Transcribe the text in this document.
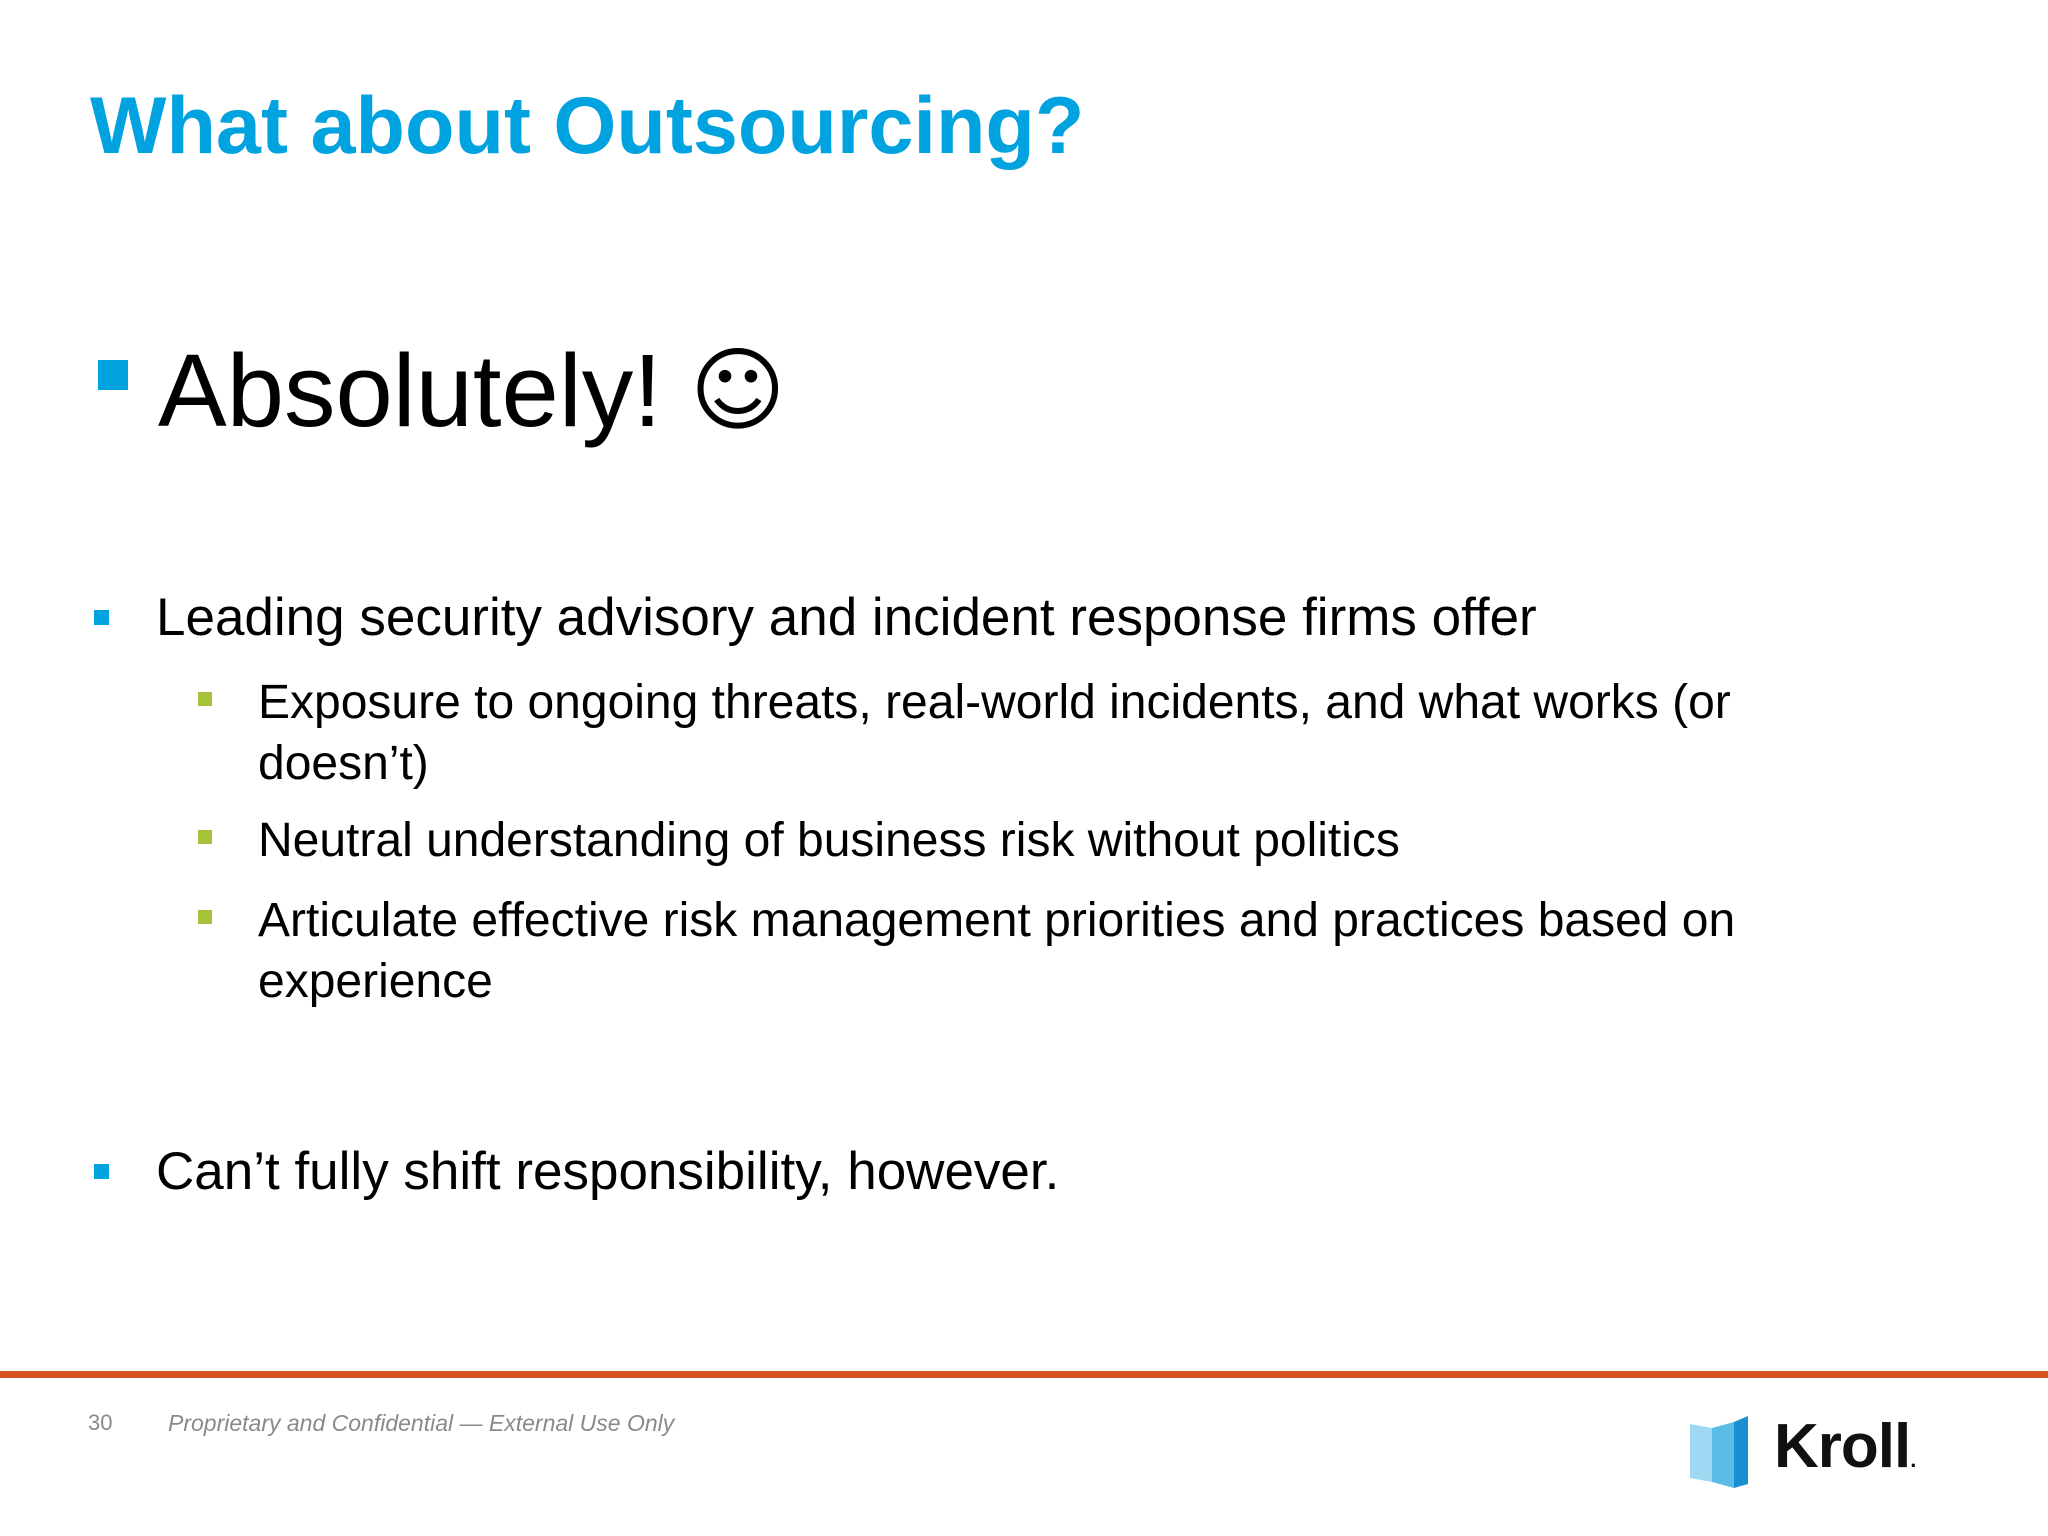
What about Outsourcing?
Absolutely! ☺
Leading security advisory and incident response firms offer
Exposure to ongoing threats, real-world incidents, and what works (or doesn’t)
Neutral understanding of business risk without politics
Articulate effective risk management priorities and practices based on experience
Can’t fully shift responsibility, however.
30 Proprietary and Confidential — External Use Only	Kroll.
